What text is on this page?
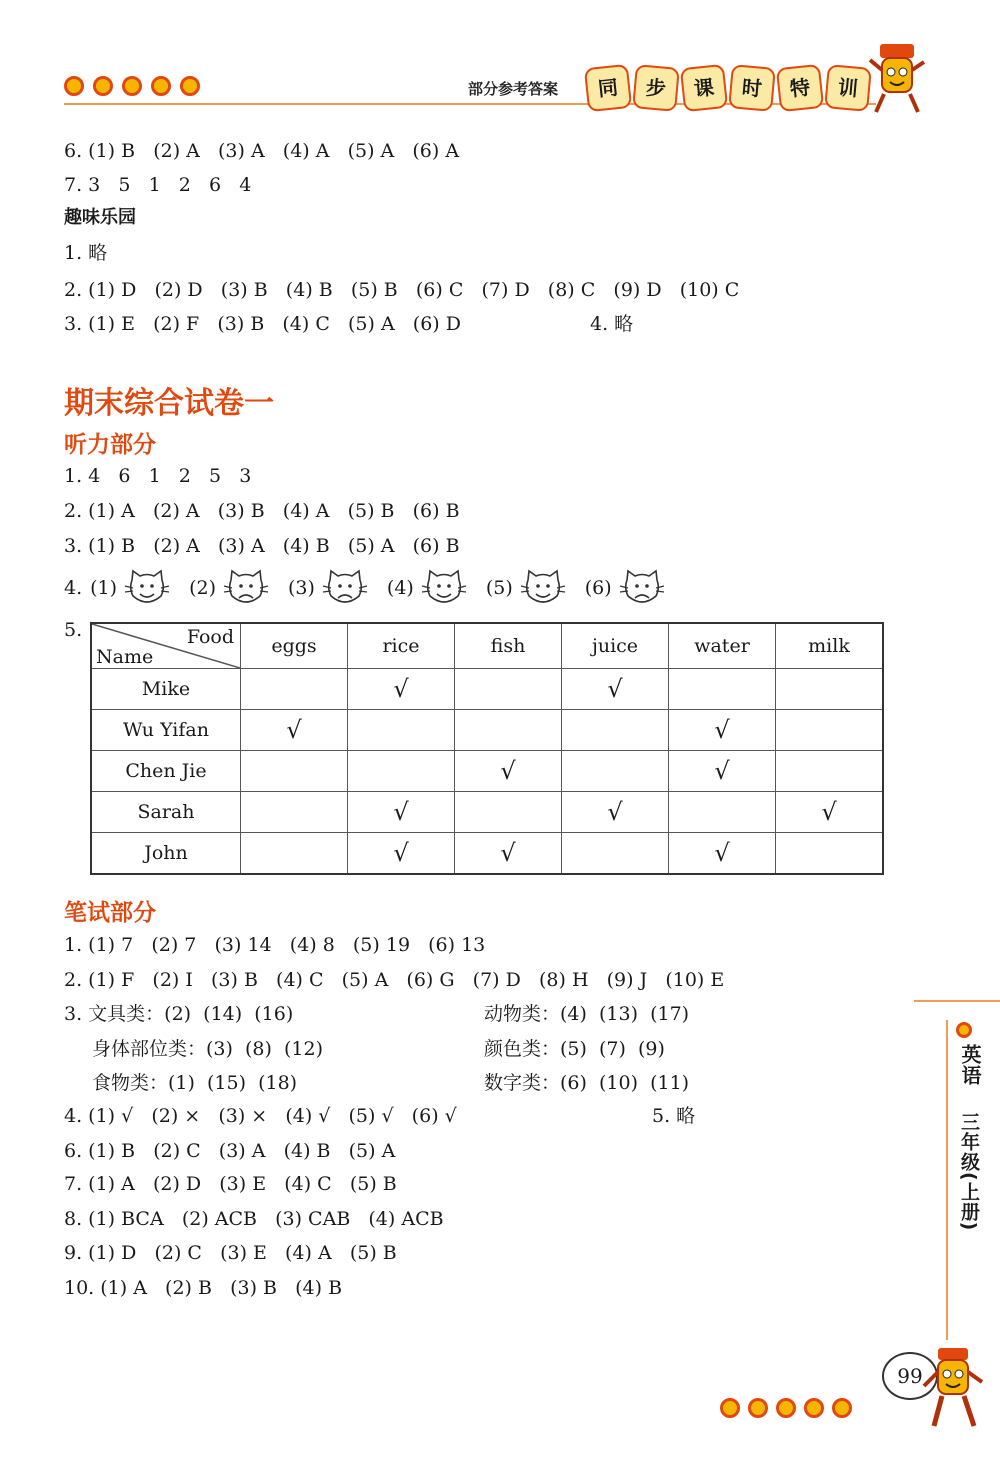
部分参考答案	同	步	课	时	特	训
6. (1) B   (2) A   (3) A   (4) A   (5) A   (6) A
7. 3   5   1   2   6   4
趣味乐园
1. 略
2. (1) D   (2) D   (3) B   (4) B   (5) B   (6) C   (7) D   (8) C   (9) D   (10) C
3. (1) E   (2) F   (3) B   (4) C   (5) A   (6) D	4. 略
期末综合试卷一
听力部分
1. 4   6   1   2   5   3
2. (1) A   (2) A   (3) B   (4) A   (5) B   (6) B
3. (1) B   (2) A   (3) A   (4) B   (5) A   (6) B
4. (1)	(2)	(3)	(4)	(5)	(6)
5.	Food
Name	eggs	rice	fish	juice	water	milk
Mike		√		√		
Wu Yifan	√				√	
Chen Jie			√		√	
Sarah		√		√		√
John		√	√		√	
笔试部分
1. (1) 7   (2) 7   (3) 14   (4) 8   (5) 19   (6) 13
2. (1) F   (2) I   (3) B   (4) C   (5) A   (6) G   (7) D   (8) H   (9) J   (10) E
3. 文具类：(2)  (14)  (16)
身体部位类：(3)  (8)  (12)
食物类：(1)  (15)  (18)
动物类：(4)  (13)  (17)
颜色类：(5)  (7)  (9)
数字类：(6)  (10)  (11)
4. (1) √   (2) ×   (3) ×   (4) √   (5) √   (6) √	5. 略
6. (1) B   (2) C   (3) A   (4) B   (5) A
7. (1) A   (2) D   (3) E   (4) C   (5) B
8. (1) BCA   (2) ACB   (3) CAB   (4) ACB
9. (1) D   (2) C   (3) E   (4) A   (5) B
10. (1) A   (2) B   (3) B   (4) B
英语
三年级(上册)
99
